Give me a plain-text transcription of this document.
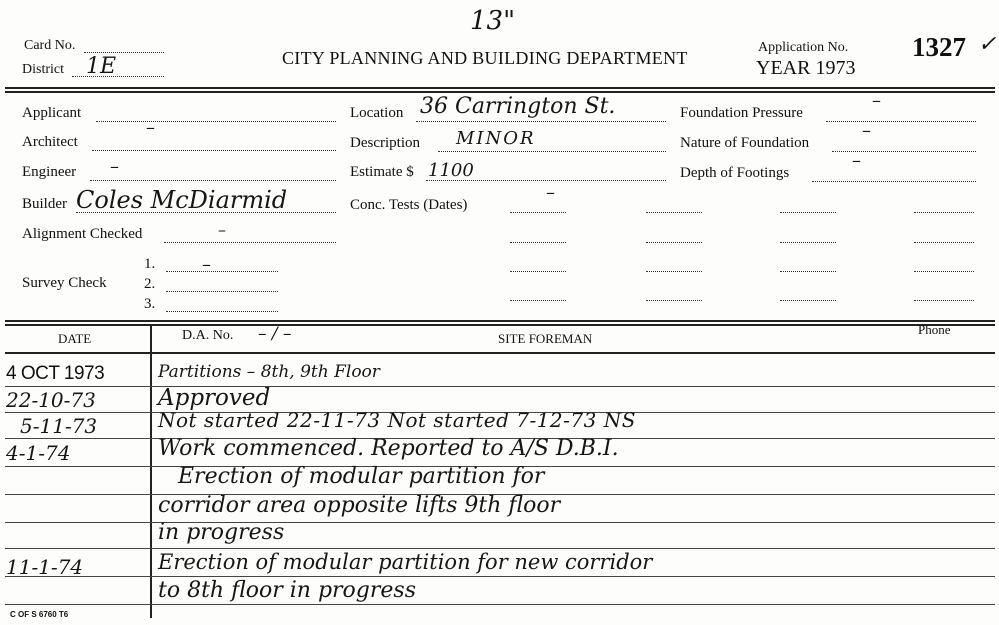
13"
Card No.
District 1E	CITY PLANNING AND BUILDING DEPARTMENT
Application No.
YEAR 1973
1327 ✓
Applicant
Architect
–
Engineer –
Builder Coles McDiarmid
Alignment Checked	–
Survey Check
1.	–
2.
3.
Location 36 Carrington St.
Description MINOR
Estimate $ 1100
Conc. Tests (Dates)
–
Foundation Pressure
–
Nature of Foundation
–
Depth of Footings
–
DATE	D.A. No. – / –	SITE FOREMAN
Phone
4 OCT 1973	Partitions – 8th, 9th Floor
22-10-73	Approved
5-11-73	Not started 22-11-73 Not started 7-12-73 NS
4-1-74	Work commenced. Reported to A/S D.B.I.
Erection of modular partition for
corridor area opposite lifts 9th floor
in progress
11-1-74	Erection of modular partition for new corridor
to 8th floor in progress
C OF S 6760 T6
